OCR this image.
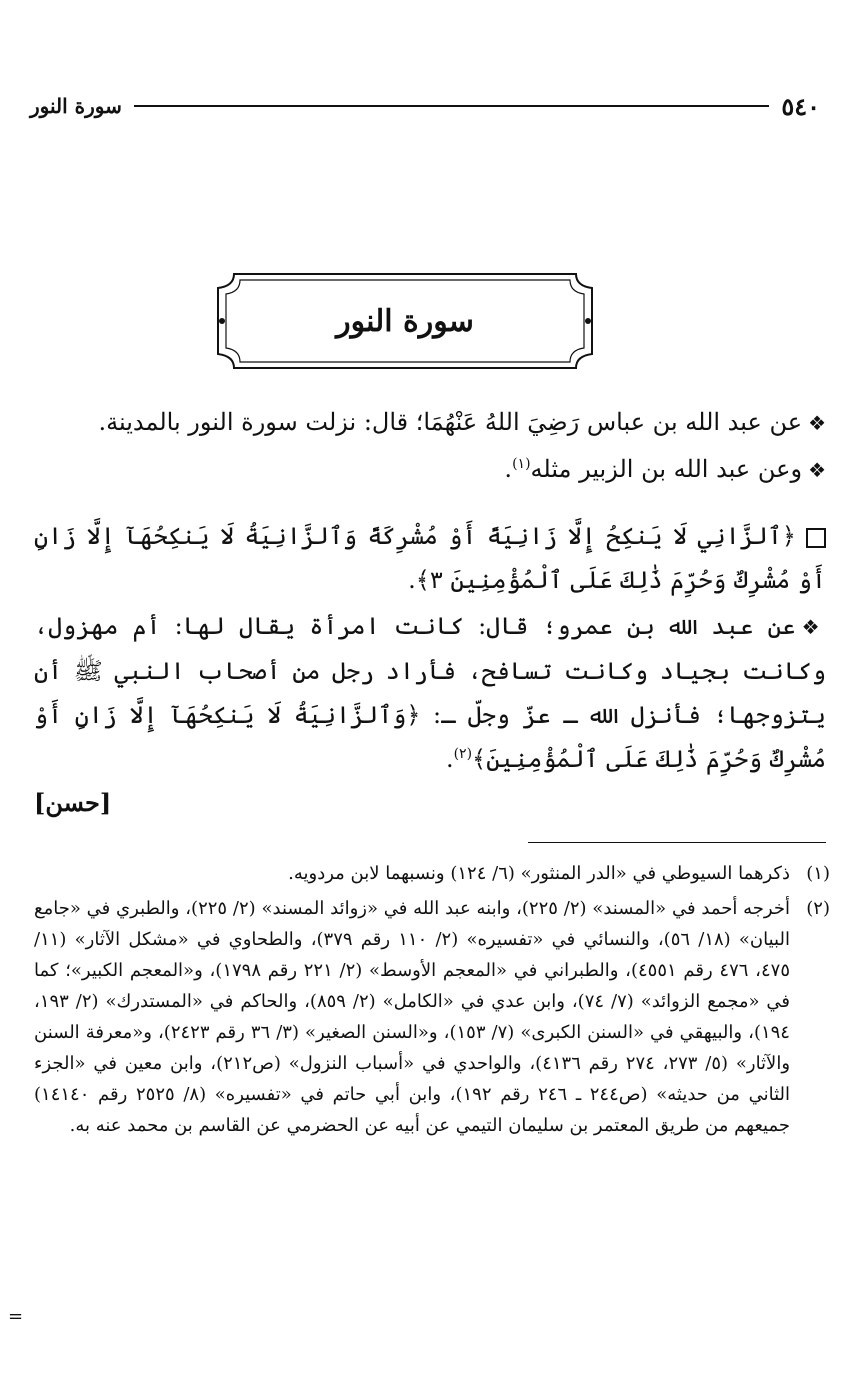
٥٤٠
سورة النور
سورة النور

❖عن عبد الله بن عباس رَضِيَ اللهُ عَنْهُمَا؛ قال: نزلت سورة النور بالمدينة.

❖وعن عبد الله بن الزبير مثله$^{(١)}$.

﴿ٱلزَّانِي لَا يَنكِحُ إِلَّا زَانِيَةً أَوْ مُشْرِكَةً وَٱلزَّانِيَةُ لَا يَنكِحُهَآ إِلَّا زَانٍ أَوْ مُشْرِكٌ وَحُرِّمَ ذَٰلِكَ عَلَى ٱلْمُؤْمِنِينَ ٣﴾.

❖عن عبد الله بن عمرو؛ قال: كانت امرأة يقال لها: أم مهزول، وكانت بجياد وكانت تسافح، فأراد رجل من أصحاب النبي ﷺ أن يتزوجها؛ فأنزل الله ـ عزّ وجلّ ـ: ﴿وَٱلزَّانِيَةُ لَا يَنكِحُهَآ إِلَّا زَانٍ أَوْ مُشْرِكٌ وَحُرِّمَ ذَٰلِكَ عَلَى ٱلْمُؤْمِنِينَ﴾$^{(٢)}$.
[حسن]

(١)
ذكرهما السيوطي في «الدر المنثور» (٦/ ١٢٤) ونسبهما لابن مردويه.
(٢)
أخرجه أحمد في «المسند» (٢/ ٢٢٥)، وابنه عبد الله في «زوائد المسند» (٢/ ٢٢٥)، والطبري في «جامع البيان» (١٨/ ٥٦)، والنسائي في «تفسيره» (٢/ ١١٠ رقم ٣٧٩)، والطحاوي في «مشكل الآثار» (١١/ ٤٧٥، ٤٧٦ رقم ٤٥٥١)، والطبراني في «المعجم الأوسط» (٢/ ٢٢١ رقم ١٧٩٨)، و«المعجم الكبير»؛ كما في «مجمع الزوائد» (٧/ ٧٤)، وابن عدي في «الكامل» (٢/ ٨٥٩)، والحاكم في «المستدرك» (٢/ ١٩٣، ١٩٤)، والبيهقي في «السنن الكبرى» (٧/ ١٥٣)، و«السنن الصغير» (٣/ ٣٦ رقم ٢٤٢٣)، و«معرفة السنن والآثار» (٥/ ٢٧٣، ٢٧٤ رقم ٤١٣٦)، والواحدي في «أسباب النزول» (ص٢١٢)، وابن معين في «الجزء الثاني من حديثه» (ص٢٤٤ ـ ٢٤٦ رقم ١٩٢)، وابن أبي حاتم في «تفسيره» (٨/ ٢٥٢٥ رقم ١٤١٤٠) جميعهم من طريق المعتمر بن سليمان التيمي عن أبيه عن الحضرمي عن القاسم بن محمد عنه به.
=
